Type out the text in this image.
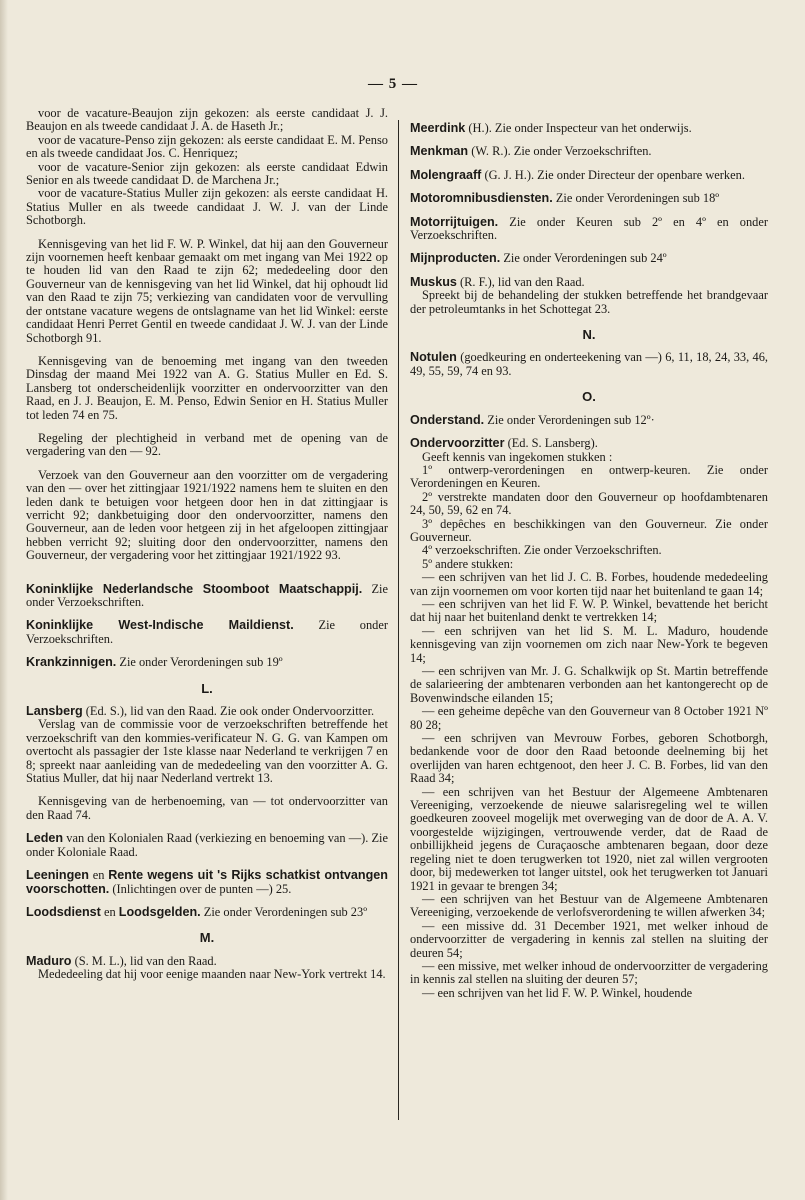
— 5 —

voor de vacature-Beaujon zijn gekozen: als eerste candidaat J. J. Beaujon en als tweede candidaat J. A. de Haseth Jr.;

voor de vacature-Penso zijn gekozen: als eerste candidaat E. M. Penso en als tweede candidaat Jos. C. Henriquez;

voor de vacature-Senior zijn gekozen: als eerste candidaat Edwin Senior en als tweede candidaat D. de Marchena Jr.;

voor de vacature-Statius Muller zijn gekozen: als eerste candidaat H. Statius Muller en als tweede candidaat J. W. J. van der Linde Schotborgh.

Kennisgeving van het lid F. W. P. Winkel, dat hij aan den Gouverneur zijn voornemen heeft kenbaar gemaakt om met ingang van Mei 1922 op te houden lid van den Raad te zijn 62; mededeeling door den Gouverneur van de kennisgeving van het lid Winkel, dat hij ophoudt lid van den Raad te zijn 75; verkiezing van candidaten voor de vervulling der ontstane vacature wegens de ontslagname van het lid Winkel: eerste candidaat Henri Perret Gentil en tweede candidaat J. W. J. van der Linde Schotborgh 91.

Kennisgeving van de benoeming met ingang van den tweeden Dinsdag der maand Mei 1922 van A. G. Statius Muller en Ed. S. Lansberg tot onderscheidenlijk voorzitter en ondervoorzitter van den Raad, en J. J. Beaujon, E. M. Penso, Edwin Senior en H. Statius Muller tot leden 74 en 75.

Regeling der plechtigheid in verband met de opening van de vergadering van den — 92.

Verzoek van den Gouverneur aan den voorzitter om de vergadering van den — over het zittingjaar 1921/1922 namens hem te sluiten en den leden dank te betuigen voor hetgeen door hen in dat zittingjaar is verricht 92; dankbetuiging door den ondervoorzitter, namens den Gouverneur, aan de leden voor hetgeen zij in het afgeloopen zittingjaar hebben verricht 92; sluiting door den ondervoorzitter, namens den Gouverneur, der vergadering voor het zittingjaar 1921/1922 93.

Koninklijke Nederlandsche Stoomboot Maatschappij. Zie onder Verzoekschriften.

Koninklijke West-Indische Maildienst. Zie onder Verzoekschriften.

Krankzinnigen. Zie onder Verordeningen sub 19º

L.

Lansberg (Ed. S.), lid van den Raad. Zie ook onder Ondervoorzitter.

Verslag van de commissie voor de verzoekschriften betreffende het verzoekschrift van den kommies-verificateur N. G. G. van Kampen om overtocht als passagier der 1ste klasse naar Nederland te verkrijgen 7 en 8; spreekt naar aanleiding van de mededeeling van den voorzitter A. G. Statius Muller, dat hij naar Nederland vertrekt 13.

Kennisgeving van de herbenoeming, van — tot ondervoorzitter van den Raad 74.

Leden van den Kolonialen Raad (verkiezing en benoeming van —). Zie onder Koloniale Raad.

Leeningen en Rente wegens uit 's Rijks schatkist ontvangen voorschotten. (Inlichtingen over de punten —) 25.

Loodsdienst en Loodsgelden. Zie onder Verordeningen sub 23º

M.

Maduro (S. M. L.), lid van den Raad.

Mededeeling dat hij voor eenige maanden naar New-York vertrekt 14.

Meerdink (H.). Zie onder Inspecteur van het onderwijs.

Menkman (W. R.). Zie onder Verzoekschriften.

Molengraaff (G. J. H.). Zie onder Directeur der openbare werken.

Motoromnibusdiensten. Zie onder Verordeningen sub 18º

Motorrijtuigen. Zie onder Keuren sub 2º en 4º en onder Verzoekschriften.

Mijnproducten. Zie onder Verordeningen sub 24º

Muskus (R. F.), lid van den Raad.

Spreekt bij de behandeling der stukken betreffende het brandgevaar der petroleumtanks in het Schottegat 23.

N.

Notulen (goedkeuring en onderteekening van —) 6, 11, 18, 24, 33, 46, 49, 55, 59, 74 en 93.

O.

Onderstand. Zie onder Verordeningen sub 12º·

Ondervoorzitter (Ed. S. Lansberg).

Geeft kennis van ingekomen stukken :

1º ontwerp-verordeningen en ontwerp-keuren. Zie onder Verordeningen en Keuren.

2º verstrekte mandaten door den Gouverneur op hoofdambtenaren 24, 50, 59, 62 en 74.

3º depêches en beschikkingen van den Gouverneur. Zie onder Gouverneur.

4º verzoekschriften. Zie onder Verzoekschriften.

5º andere stukken:

— een schrijven van het lid J. C. B. Forbes, houdende mededeeling van zijn voornemen om voor korten tijd naar het buitenland te gaan 14;

— een schrijven van het lid F. W. P. Winkel, bevattende het bericht dat hij naar het buitenland denkt te vertrekken 14;

— een schrijven van het lid S. M. L. Maduro, houdende kennisgeving van zijn voornemen om zich naar New-York te begeven 14;

— een schrijven van Mr. J. G. Schalkwijk op St. Martin betreffende de salarieering der ambtenaren verbonden aan het kantongerecht op de Bovenwindsche eilanden 15;

— een geheime depêche van den Gouverneur van 8 October 1921 Nº 80 28;

— een schrijven van Mevrouw Forbes, geboren Schotborgh, bedankende voor de door den Raad betoonde deelneming bij het overlijden van haren echtgenoot, den heer J. C. B. Forbes, lid van den Raad 34;

— een schrijven van het Bestuur der Algemeene Ambtenaren Vereeniging, verzoekende de nieuwe salarisregeling wel te willen goedkeuren zooveel mogelijk met overweging van de door de A. A. V. voorgestelde wijzigingen, vertrouwende verder, dat de Raad de onbillijkheid jegens de Curaçaosche ambtenaren begaan, door deze regeling niet te doen terugwerken tot 1920, niet zal willen vergrooten door, bij medewerken tot langer uitstel, ook het terugwerken tot Januari 1921 in gevaar te brengen 34;

— een schrijven van het Bestuur van de Algemeene Ambtenaren Vereeniging, verzoekende de verlofsverordening te willen afwerken 34;

— een missive dd. 31 December 1921, met welker inhoud de ondervoorzitter de vergadering in kennis zal stellen na sluiting der deuren 54;

— een missive, met welker inhoud de ondervoorzitter de vergadering in kennis zal stellen na sluiting der deuren 57;

— een schrijven van het lid F. W. P. Winkel, houdende
